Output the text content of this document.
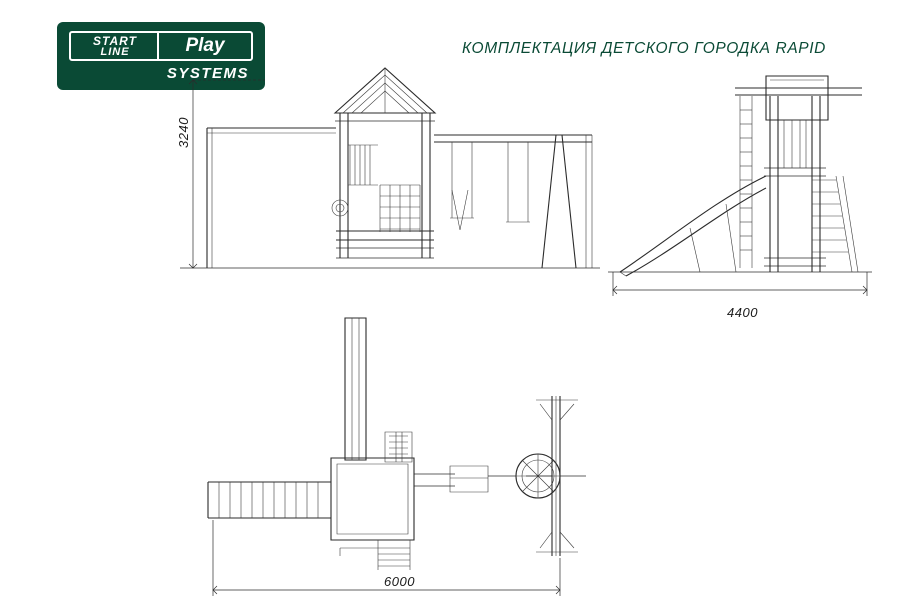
START
LINE	Play
SYSTEMS
КОМПЛЕКТАЦИЯ ДЕТСКОГО ГОРОДКА RAPID
3240
4400
6000
